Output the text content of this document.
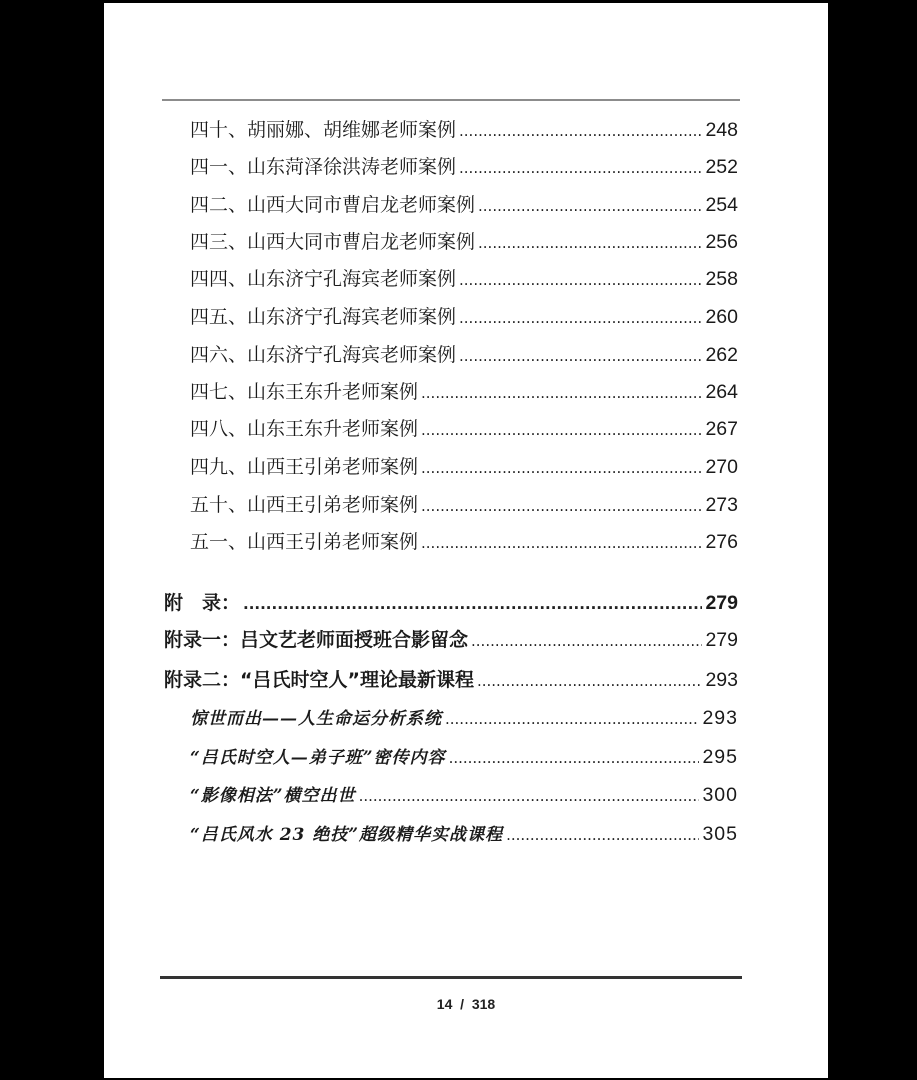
四十、胡丽娜、胡维娜老师案例 .....	248
四一、山东菏泽徐洪涛老师案例 .....	252
四二、山西大同市曹启龙老师案例 .....	254
四三、山西大同市曹启龙老师案例 .....	256
四四、山东济宁孔海宾老师案例 .....	258
四五、山东济宁孔海宾老师案例 .....	260
四六、山东济宁孔海宾老师案例 .....	262
四七、山东王东升老师案例 .....	264
四八、山东王东升老师案例 .....	267
四九、山西王引弟老师案例 .....	270
五十、山西王引弟老师案例 .....	273
五一、山西王引弟老师案例 .....	276
附　录： .....	279
附录一：吕文艺老师面授班合影留念 .....	279
附录二：“吕氏时空人”理论最新课程 .....	293
惊世而出——人生命运分析系统 .....	293
“吕氏时空人—弟子班”密传内容 .....	295
“影像相法”横空出世 .....	300
“吕氏风水 23 绝技”超级精华实战课程 .....	305
14  /  318
